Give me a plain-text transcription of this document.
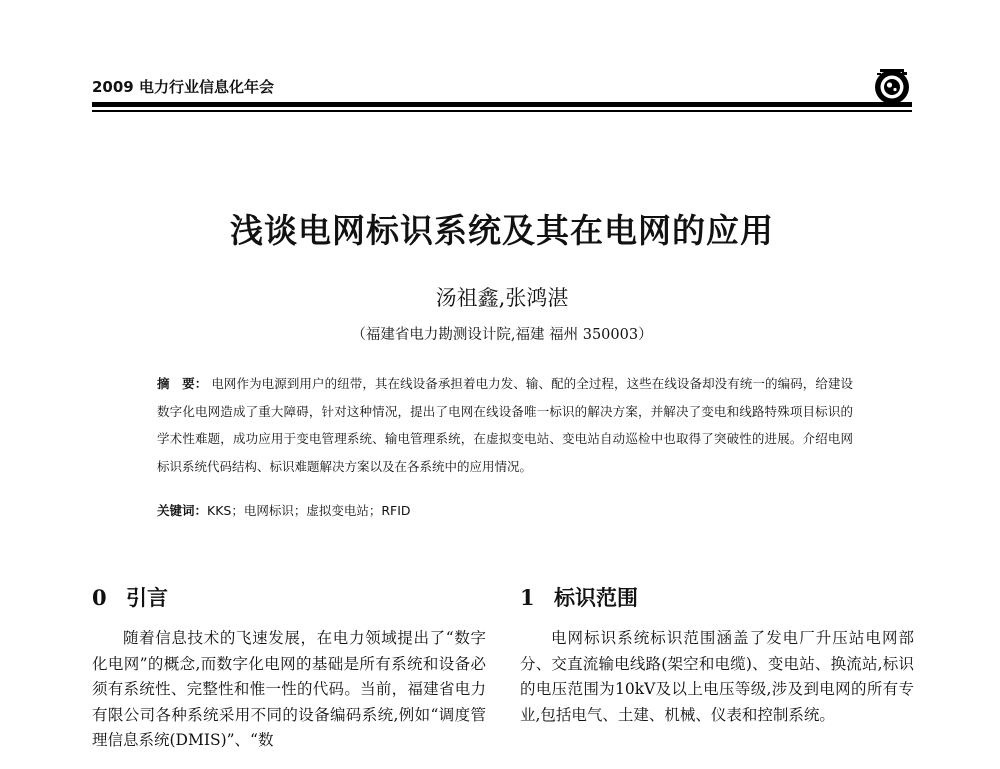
2009 电力行业信息化年会
浅谈电网标识系统及其在电网的应用
汤祖鑫,张鸿湛
（福建省电力勘测设计院,福建 福州 350003）
摘　要： 电网作为电源到用户的纽带，其在线设备承担着电力发、输、配的全过程，这些在线设备却没有统一的编码，给建设数字化电网造成了重大障碍，针对这种情况，提出了电网在线设备唯一标识的解决方案，并解决了变电和线路特殊项目标识的学术性难题，成功应用于变电管理系统、输电管理系统，在虚拟变电站、变电站自动巡检中也取得了突破性的进展。介绍电网标识系统代码结构、标识难题解决方案以及在各系统中的应用情况。
关键词：KKS；电网标识；虚拟变电站；RFID
0 引言

随着信息技术的飞速发展，在电力领域提出了“数字化电网”的概念,而数字化电网的基础是所有系统和设备必须有系统性、完整性和惟一性的代码。当前，福建省电力有限公司各种系统采用不同的设备编码系统,例如“调度管理信息系统(DMIS)”、“数

1 标识范围

电网标识系统标识范围涵盖了发电厂升压站电网部分、交直流输电线路(架空和电缆)、变电站、换流站,标识的电压范围为10kV及以上电压等级,涉及到电网的所有专业,包括电气、土建、机械、仪表和控制系统。
